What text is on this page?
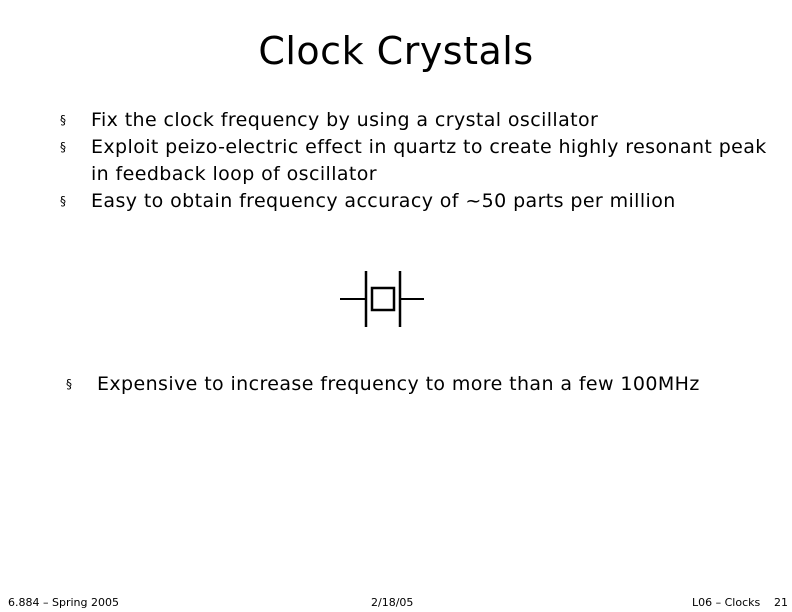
Clock Crystals
§ Fix the clock frequency by using a crystal oscillator
§ Exploit peizo-electric effect in quartz to create highly resonant peak in feedback loop of oscillator
§ Easy to obtain frequency accuracy of ~50 parts per million
§ Expensive to increase frequency to more than a few 100MHz
6.884 – Spring 2005	2/18/05	L06 – Clocks 21
